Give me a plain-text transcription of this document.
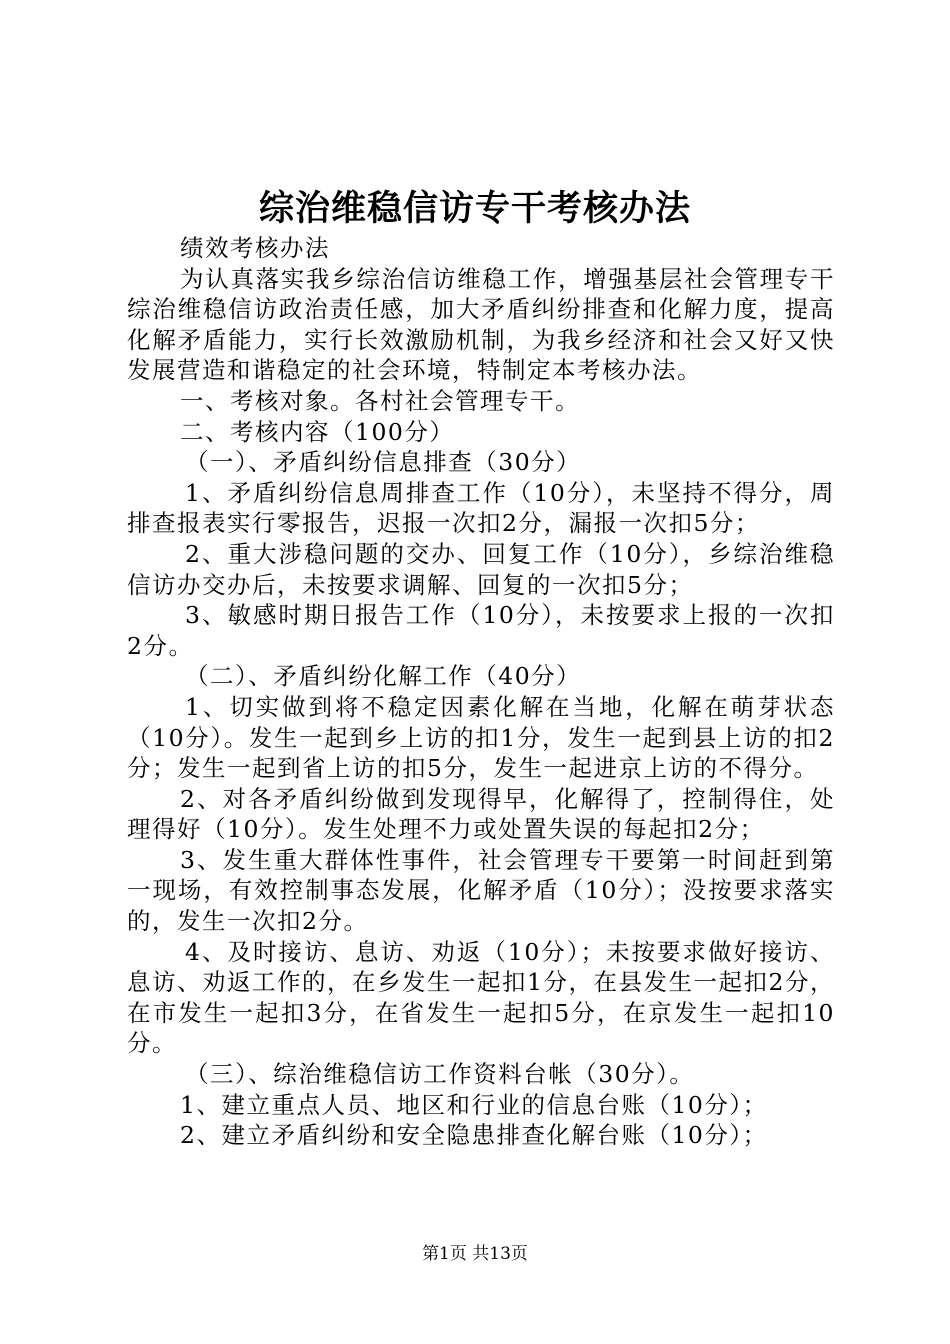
综治维稳信访专干考核办法

绩效考核办法

为认真落实我乡综治信访维稳工作，增强基层社会管理专干综治维稳信访政治责任感，加大矛盾纠纷排查和化解力度，提高化解矛盾能力，实行长效激励机制，为我乡经济和社会又好又快发展营造和谐稳定的社会环境，特制定本考核办法。

一、考核对象。各村社会管理专干。

二、考核内容（100分）

（一）、矛盾纠纷信息排查（30分）

1、矛盾纠纷信息周排查工作（10分），未坚持不得分，周排查报表实行零报告，迟报一次扣2分，漏报一次扣5分；

2、重大涉稳问题的交办、回复工作（10分），乡综治维稳信访办交办后，未按要求调解、回复的一次扣5分；

3、敏感时期日报告工作（10分），未按要求上报的一次扣2分。

（二）、矛盾纠纷化解工作（40分）

1、切实做到将不稳定因素化解在当地，化解在萌芽状态（10分）。发生一起到乡上访的扣1分，发生一起到县上访的扣2分；发生一起到省上访的扣5分，发生一起进京上访的不得分。

2、对各矛盾纠纷做到发现得早，化解得了，控制得住，处理得好（10分）。发生处理不力或处置失误的每起扣2分；

3、发生重大群体性事件，社会管理专干要第一时间赶到第一现场，有效控制事态发展，化解矛盾（10分）；没按要求落实的，发生一次扣2分。

4、及时接访、息访、劝返（10分）；未按要求做好接访、息访、劝返工作的，在乡发生一起扣1分，在县发生一起扣2分，在市发生一起扣3分，在省发生一起扣5分，在京发生一起扣10分。

（三）、综治维稳信访工作资料台帐（30分）。

1、建立重点人员、地区和行业的信息台账（10分）；

2、建立矛盾纠纷和安全隐患排查化解台账（10分）；

第1页 共13页
